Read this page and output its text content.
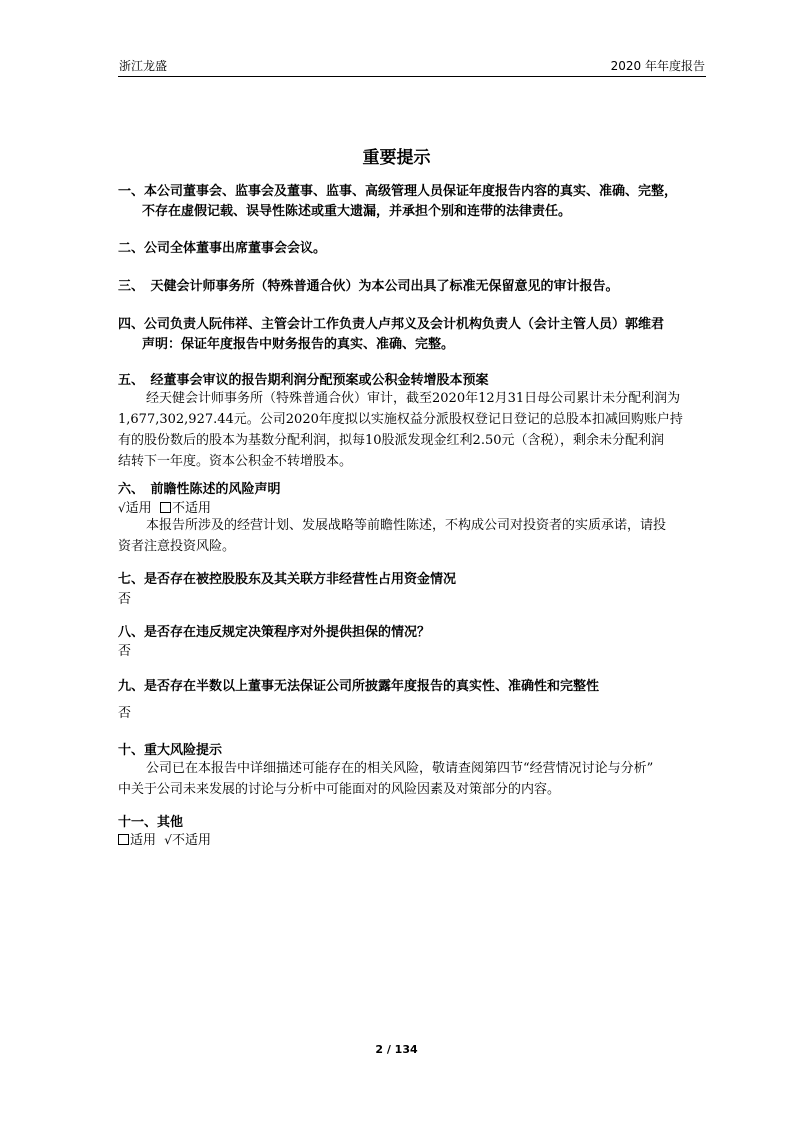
浙江龙盛	2020 年年度报告
重要提示
一、本公司董事会、监事会及董事、监事、高级管理人员保证年度报告内容的真实、准确、完整，
不存在虚假记载、误导性陈述或重大遗漏，并承担个别和连带的法律责任。
二、公司全体董事出席董事会会议。
三、　天健会计师事务所（特殊普通合伙）为本公司出具了标准无保留意见的审计报告。
四、公司负责人阮伟祥、主管会计工作负责人卢邦义及会计机构负责人（会计主管人员）郭维君
声明：保证年度报告中财务报告的真实、准确、完整。
五、　经董事会审议的报告期利润分配预案或公积金转增股本预案
经天健会计师事务所（特殊普通合伙）审计，截至2020年12月31日母公司累计未分配利润为
1,677,302,927.44元。公司2020年度拟以实施权益分派股权登记日登记的总股本扣减回购账户持
有的股份数后的股本为基数分配利润，拟每10股派发现金红利2.50元（含税），剩余未分配利润
结转下一年度。资本公积金不转增股本。
六、　前瞻性陈述的风险声明
√适用 不适用
本报告所涉及的经营计划、发展战略等前瞻性陈述，不构成公司对投资者的实质承诺，请投
资者注意投资风险。
七、是否存在被控股股东及其关联方非经营性占用资金情况
否
八、是否存在违反规定决策程序对外提供担保的情况？
否
九、是否存在半数以上董事无法保证公司所披露年度报告的真实性、准确性和完整性
否
十、重大风险提示
公司已在本报告中详细描述可能存在的相关风险，敬请查阅第四节“经营情况讨论与分析”
中关于公司未来发展的讨论与分析中可能面对的风险因素及对策部分的内容。
十一、其他
适用 √不适用
2 / 134
